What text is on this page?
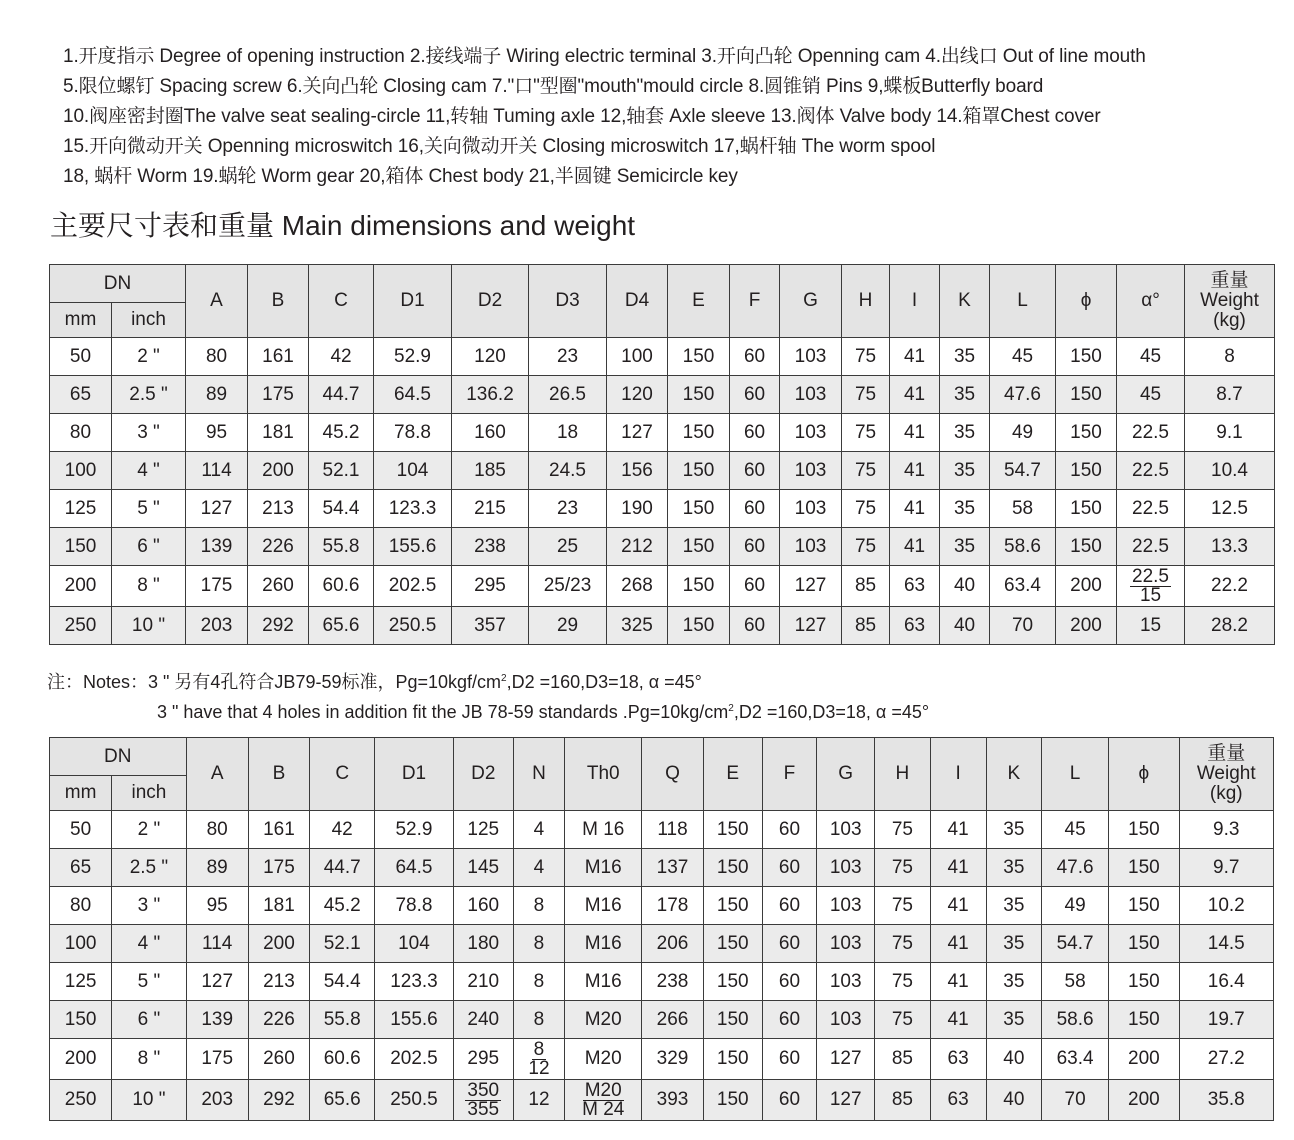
1.开度指示 Degree of opening instruction 2.接线端子 Wiring electric terminal 3.开向凸轮 Openning cam 4.出线口 Out of line mouth
5.限位螺钉 Spacing screw 6.关向凸轮 Closing cam 7."口"型圈"mouth"mould circle 8.圆锥销 Pins 9,蝶板Butterfly board
10.阀座密封圈The valve seat sealing-circle 11,转轴 Tuming axle 12,轴套 Axle sleeve 13.阀体 Valve body 14.箱罩Chest cover
15.开向微动开关 Openning microswitch 16,关向微动开关 Closing microswitch 17,蜗杆轴 The worm spool
18, 蜗杆 Worm 19.蜗轮 Worm gear 20,箱体 Chest body 21,半圆键 Semicircle key
主要尺寸表和重量 Main dimensions and weight
DN		A	B	C	D1	D2	D3	D4	E	F	G	H	I	K	L	ϕ	α°	重量
Weight
(kg)

mm	inch																	
50	2 "	80	161	42	52.9	120	23	100	150	60	103	75	41	35	45	150	45	8
65	2.5 "	89	175	44.7	64.5	136.2	26.5	120	150	60	103	75	41	35	47.6	150	45	8.7
80	3 "	95	181	45.2	78.8	160	18	127	150	60	103	75	41	35	49	150	22.5	9.1
100	4 "	114	200	52.1	104	185	24.5	156	150	60	103	75	41	35	54.7	150	22.5	10.4
125	5 "	127	213	54.4	123.3	215	23	190	150	60	103	75	41	35	58	150	22.5	12.5
150	6 "	139	226	55.8	155.6	238	25	212	150	60	103	75	41	35	58.6	150	22.5	13.3
200	8 "	175	260	60.6	202.5	295	25/23	268	150	60	127	85	63	40	63.4	200	$\frac{22.5}{15}$	22.2
250	10 "	203	292	65.6	250.5	357	29	325	150	60	127	85	63	40	70	200	15	28.2
注：Notes：3 " 另有4孔符合JB79-59标准，$Pg=10kgf/cm^2,D2 =160,D3=18$, α =45°
3 " have that 4 holes in addition fit the JB 78-59 standards $.Pg=10kg/cm^2,D2 =160,D3=18$, α =45°
DN		A	B	C	D1	D2	N	Th0	Q	E	F	G	H	I	K	L	ϕ	重量
Weight
(kg)

mm	inch																	
50	2 "	80	161	42	52.9	125	4	M 16	118	150	60	103	75	41	35	45	150	9.3
65	2.5 "	89	175	44.7	64.5	145	4	M16	137	150	60	103	75	41	35	47.6	150	9.7
80	3 "	95	181	45.2	78.8	160	8	M16	178	150	60	103	75	41	35	49	150	10.2
100	4 "	114	200	52.1	104	180	8	M16	206	150	60	103	75	41	35	54.7	150	14.5
125	5 "	127	213	54.4	123.3	210	8	M16	238	150	60	103	75	41	35	58	150	16.4
150	6 "	139	226	55.8	155.6	240	8	M20	266	150	60	103	75	41	35	58.6	150	19.7
200	8 "	175	260	60.6	202.5	295	$\frac{8}{12}$	M20	329	150	60	127	85	63	40	63.4	200	27.2
250	10 "	203	292	65.6	250.5	$\frac{350}{355}$	12	$\frac{M20}{M 24}$	393	150	60	127	85	63	40	70	200	35.8
